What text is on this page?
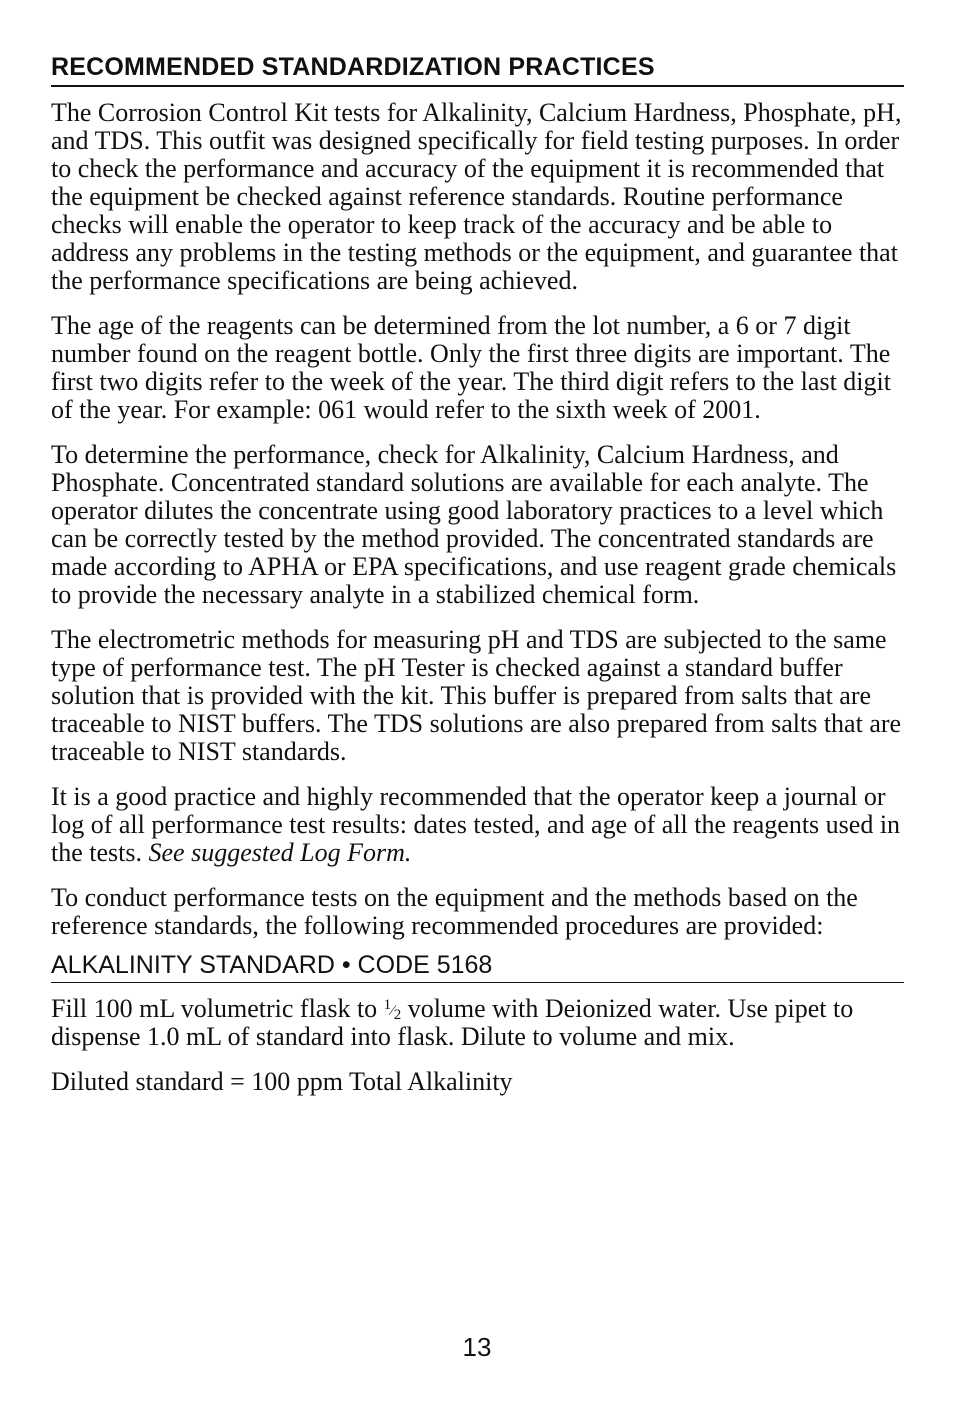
RECOMMENDED STANDARDIZATION PRACTICES

The Corrosion Control Kit tests for Alkalinity, Calcium Hardness, Phosphate, pH, and TDS. This outfit was designed specifically for field testing purposes. In order to check the performance and accuracy of the equipment it is recommended that the equipment be checked against reference standards. Routine performance checks will enable the operator to keep track of the accuracy and be able to address any problems in the testing methods or the equipment, and guarantee that the performance specifications are being achieved.

The age of the reagents can be determined from the lot number, a 6 or 7 digit number found on the reagent bottle. Only the first three digits are important. The first two digits refer to the week of the year. The third digit refers to the last digit of the year. For example: 061 would refer to the sixth week of 2001.

To determine the performance, check for Alkalinity, Calcium Hardness, and Phosphate. Concentrated standard solutions are available for each analyte. The operator dilutes the concentrate using good laboratory practices to a level which can be correctly tested by the method provided. The concentrated standards are made according to APHA or EPA specifications, and use reagent grade chemicals to provide the necessary analyte in a stabilized chemical form.

The electrometric methods for measuring pH and TDS are subjected to the same type of performance test. The pH Tester is checked against a standard buffer solution that is provided with the kit. This buffer is prepared from salts that are traceable to NIST buffers. The TDS solutions are also prepared from salts that are traceable to NIST standards.

It is a good practice and highly recommended that the operator keep a journal or log of all performance test results: dates tested, and age of all the reagents used in the tests. See suggested Log Form.

To conduct performance tests on the equipment and the methods based on the reference standards, the following recommended procedures are provided:

ALKALINITY STANDARD • CODE 5168

Fill 100 mL volumetric flask to 1⁄2 volume with Deionized water. Use pipet to dispense 1.0 mL of standard into flask. Dilute to volume and mix.

Diluted standard = 100 ppm Total Alkalinity

13
